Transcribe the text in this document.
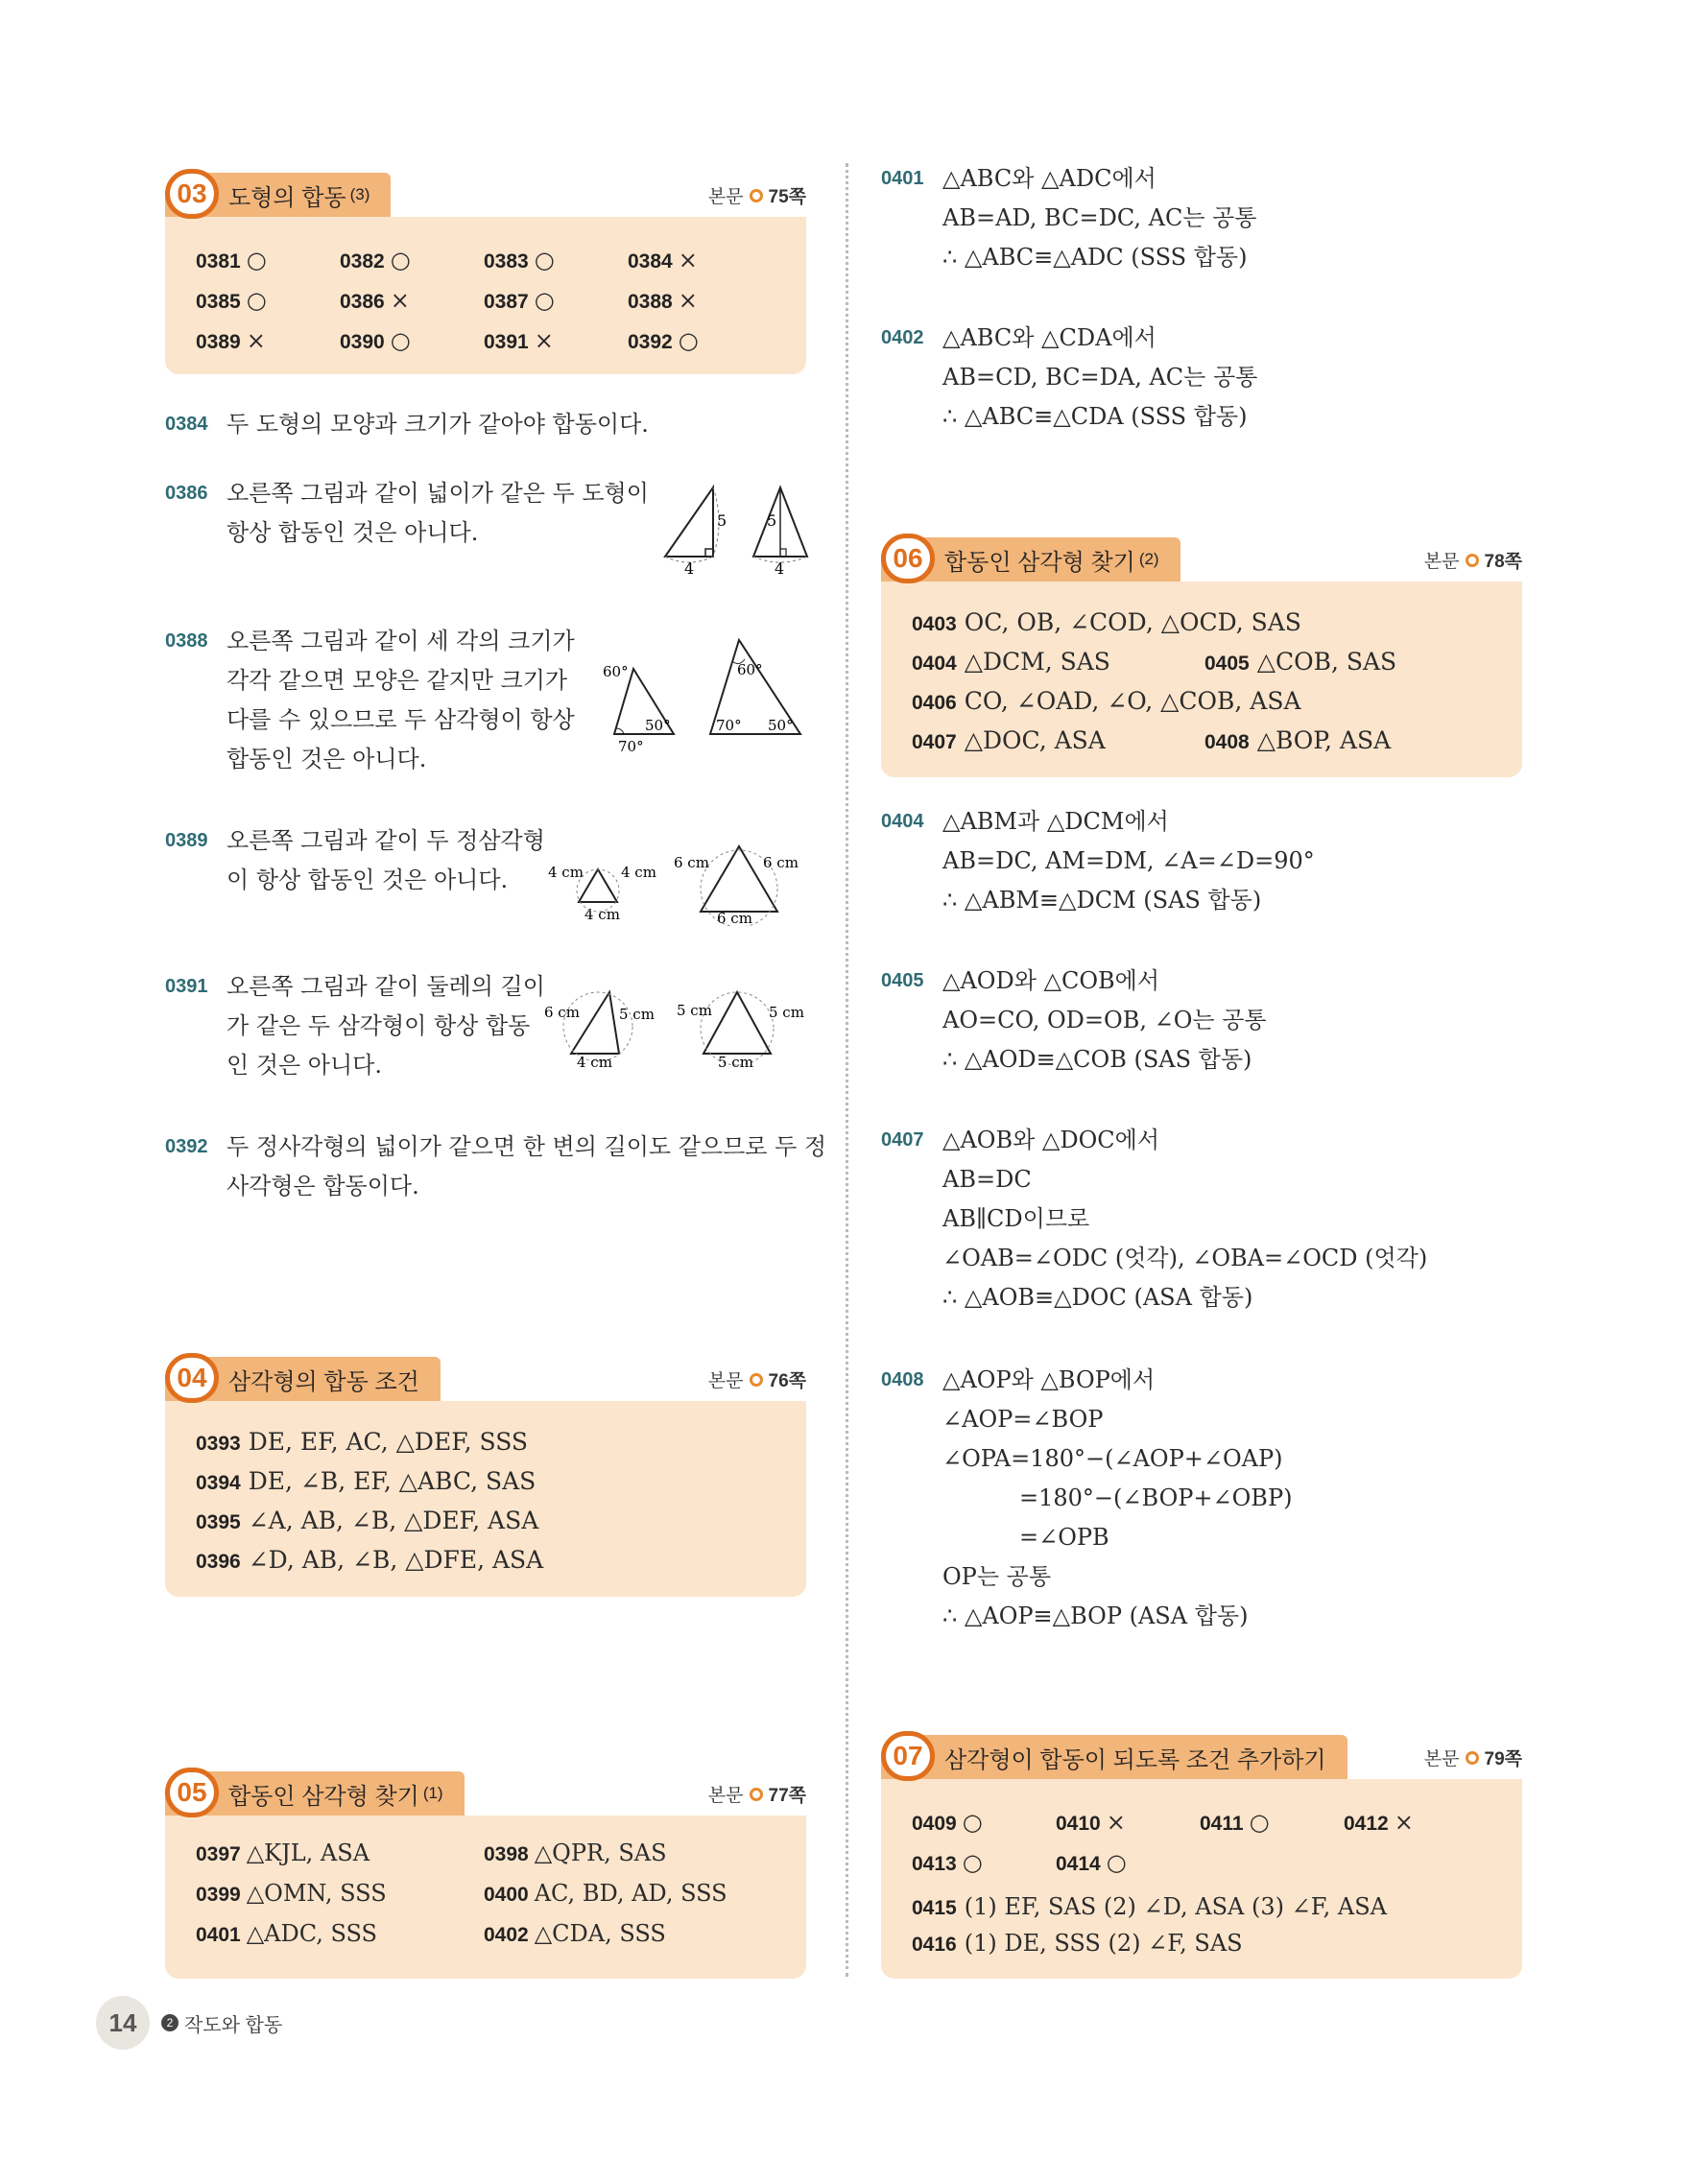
도형의 합동 (3)
03	본문 75쪽
0381 ○	0382 ○	0383 ○	0384 ×
0385 ○	0386 ×	0387 ○	0388 ×
0389 ×	0390 ○	0391 ×	0392 ○
0384 두 도형의 모양과 크기가 같아야 합동이다.
0386 오른쪽 그림과 같이 넓이가 같은 두 도형이
항상 합동인 것은 아니다.	5
4
5
4
0388 오른쪽 그림과 같이 세 각의 크기가
각각 같으면 모양은 같지만 크기가
다를 수 있으므로 두 삼각형이 항상
합동인 것은 아니다.
60°
50°
70°
60°
70° 50°
0389 오른쪽 그림과 같이 두 정삼각형
이 항상 합동인 것은 아니다.	4 cm	4 cm
4 cm
6 cm	6 cm
6 cm
0391 오른쪽 그림과 같이 둘레의 길이
가 같은 두 삼각형이 항상 합동
인 것은 아니다.
6 cm	5 cm
4 cm
5 cm	5 cm
5 cm
0392 두 정사각형의 넓이가 같으면 한 변의 길이도 같으므로 두 정
사각형은 합동이다.
삼각형의 합동 조건
04	본문 76쪽
0393 DE, EF, AC, △DEF, SSS
0394 DE, ∠B, EF, △ABC, SAS
0395 ∠A, AB, ∠B, △DEF, ASA
0396 ∠D, AB, ∠B, △DFE, ASA
합동인 삼각형 찾기 (1)
05	본문 77쪽
0397 △KJL, ASA	0398 △QPR, SAS
0399 △OMN, SSS	0400 AC, BD, AD, SSS
0401 △ADC, SSS	0402 △CDA, SSS
0401 △ABC와 △ADC에서
AB=AD, BC=DC, AC는 공통
∴ △ABC≡△ADC (SSS 합동)
0402 △ABC와 △CDA에서
AB=CD, BC=DA, AC는 공통
∴ △ABC≡△CDA (SSS 합동)
합동인 삼각형 찾기 (2)
06	본문 78쪽
0403 OC, OB, ∠COD, △OCD, SAS
0404 △DCM, SAS	0405 △COB, SAS
0406 CO, ∠OAD, ∠O, △COB, ASA
0407 △DOC, ASA	0408 △BOP, ASA
0404 △ABM과 △DCM에서
AB=DC, AM=DM, ∠A=∠D=90°
∴ △ABM≡△DCM (SAS 합동)
0405 △AOD와 △COB에서
AO=CO, OD=OB, ∠O는 공통
∴ △AOD≡△COB (SAS 합동)
0407 △AOB와 △DOC에서
AB=DC
AB∥CD이므로
∠OAB=∠ODC (엇각), ∠OBA=∠OCD (엇각)
∴ △AOB≡△DOC (ASA 합동)
0408 △AOP와 △BOP에서
∠AOP=∠BOP
∠OPA=180°−(∠AOP+∠OAP)
=180°−(∠BOP+∠OBP)
=∠OPB
OP는 공통
∴ △AOP≡△BOP (ASA 합동)
삼각형이 합동이 되도록 조건 추가하기
07	본문 79쪽
0409 ○	0410 ×	0411 ○	0412 ×
0413 ○	0414 ○
0415 (1) EF, SAS (2) ∠D, ASA (3) ∠F, ASA
0416 (1) DE, SSS (2) ∠F, SAS
14	2 작도와 합동
